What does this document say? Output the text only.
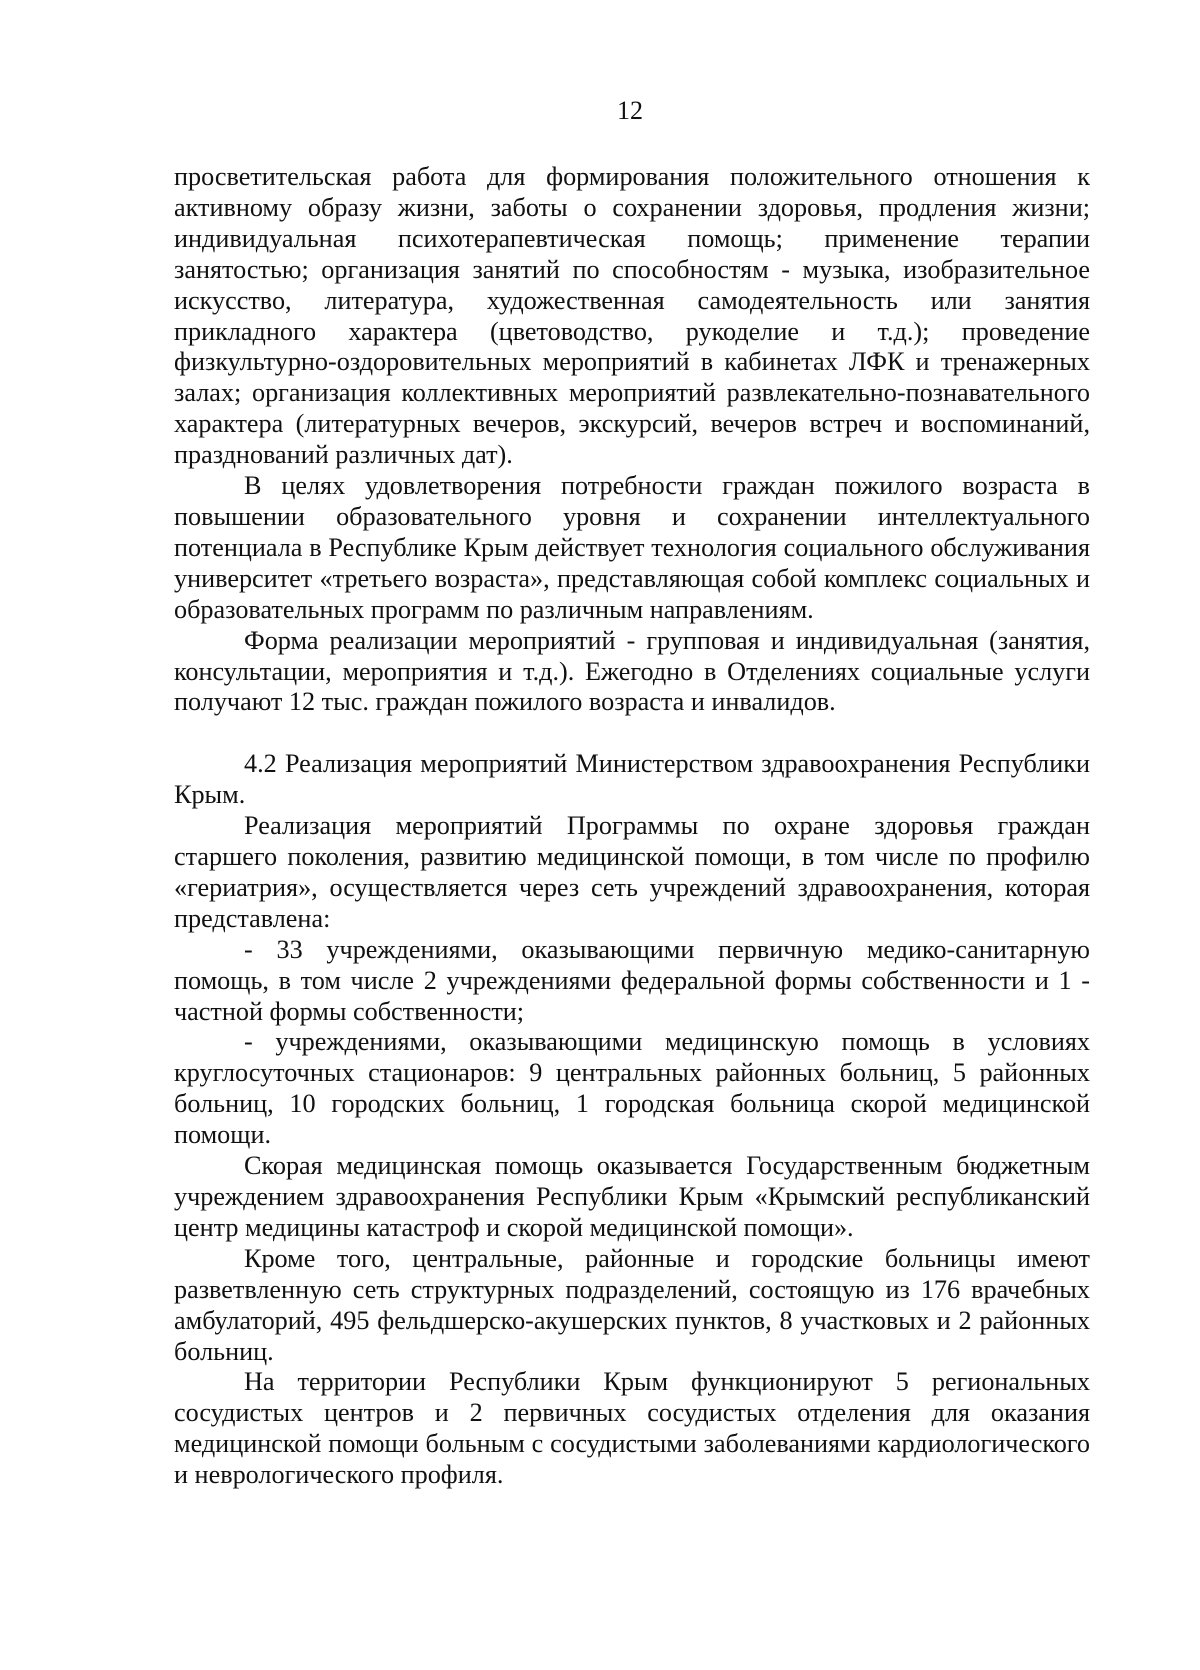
12

просветительская работа для формирования положительного отношения к активному образу жизни, заботы о сохранении здоровья, продления жизни; индивидуальная психотерапевтическая помощь; применение терапии занятостью; организация занятий по способностям - музыка, изобразительное искусство, литература, художественная самодеятельность или занятия прикладного характера (цветоводство, рукоделие и т.д.); проведение физкультурно-оздоровительных мероприятий в кабинетах ЛФК и тренажерных залах; организация коллективных мероприятий развлекательно-познавательного характера (литературных вечеров, экскурсий, вечеров встреч и воспоминаний, празднований различных дат).

В целях удовлетворения потребности граждан пожилого возраста в повышении образовательного уровня и сохранении интеллектуального потенциала в Республике Крым действует технология социального обслуживания университет «третьего возраста», представляющая собой комплекс социальных и образовательных программ по различным направлениям.

Форма реализации мероприятий - групповая и индивидуальная (занятия, консультации, мероприятия и т.д.). Ежегодно в Отделениях социальные услуги получают 12 тыс. граждан пожилого возраста и инвалидов.

4.2 Реализация мероприятий Министерством здравоохранения Республики Крым.

Реализация мероприятий Программы по охране здоровья граждан старшего поколения, развитию медицинской помощи, в том числе по профилю «гериатрия», осуществляется через сеть учреждений здравоохранения, которая представлена:

- 33 учреждениями, оказывающими первичную медико-санитарную помощь, в том числе 2 учреждениями федеральной формы собственности и 1 - частной формы собственности;

- учреждениями, оказывающими медицинскую помощь в условиях круглосуточных стационаров: 9 центральных районных больниц, 5 районных больниц, 10 городских больниц, 1 городская больница скорой медицинской помощи.

Скорая медицинская помощь оказывается Государственным бюджетным учреждением здравоохранения Республики Крым «Крымский республиканский центр медицины катастроф и скорой медицинской помощи».

Кроме того, центральные, районные и городские больницы имеют разветвленную сеть структурных подразделений, состоящую из 176 врачебных амбулаторий, 495 фельдшерско-акушерских пунктов, 8 участковых и 2 районных больниц.

На территории Республики Крым функционируют 5 региональных сосудистых центров и 2 первичных сосудистых отделения для оказания медицинской помощи больным с сосудистыми заболеваниями кардиологического и неврологического профиля.
